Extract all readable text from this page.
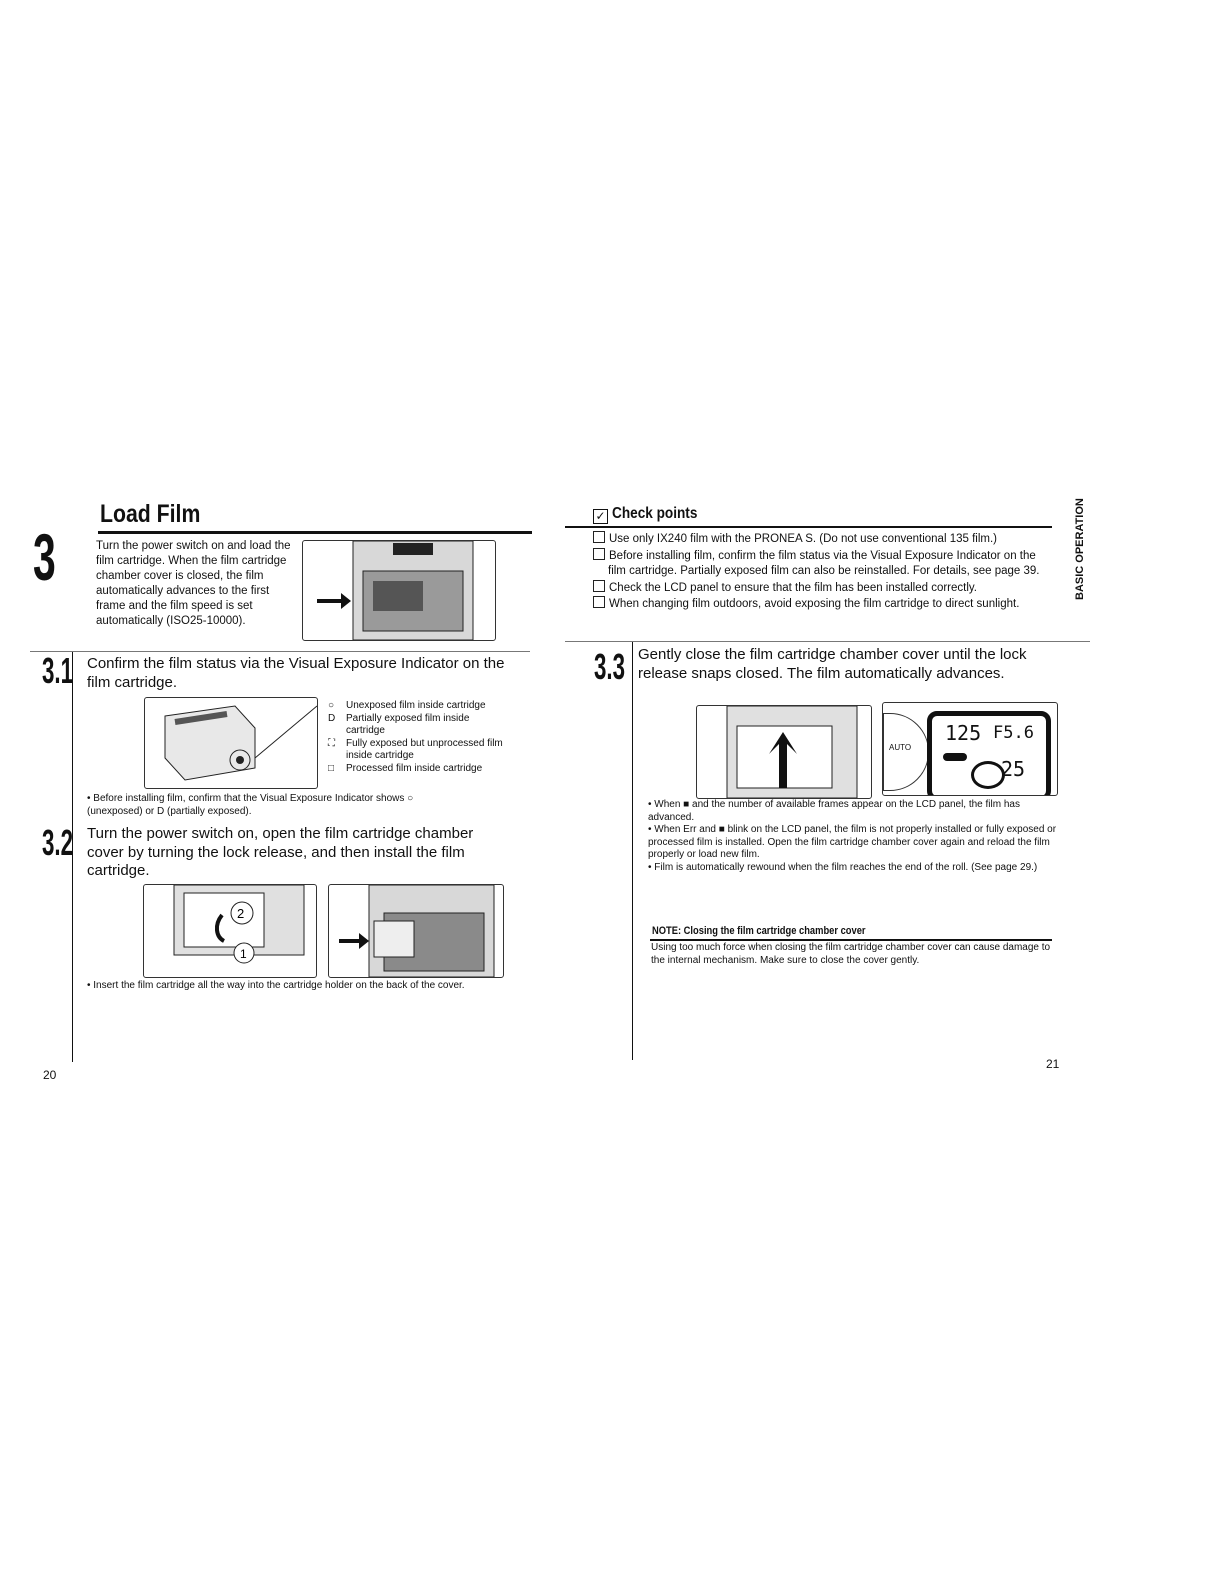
3
Load Film
Turn the power switch on and load the film cartridge. When the film cartridge chamber cover is closed, the film automatically advances to the first frame and the film speed is set automatically (ISO25-10000).
3.1 Confirm the film status via the Visual Exposure Indicator on the film cartridge.
○	Unexposed film inside cartridge
D	Partially exposed film inside cartridge
⛶	Fully exposed but unprocessed film inside cartridge
□	Processed film inside cartridge
• Before installing film, confirm that the Visual Exposure Indicator shows ○ (unexposed) or D (partially exposed).
3.2 Turn the power switch on, open the film cartridge chamber cover by turning the lock release, and then install the film cartridge.
2
1
• Insert the film cartridge all the way into the cartridge holder on the back of the cover.
20
✓ Check points
Use only IX240 film with the PRONEA S. (Do not use conventional 135 film.)
Before installing film, confirm the film status via the Visual Exposure Indicator on the film cartridge. Partially exposed film can also be reinstalled. For details, see page 39.
Check the LCD panel to ensure that the film has been installed correctly.
When changing film outdoors, avoid exposing the film cartridge to direct sunlight.
BASIC OPERATION
3.3 Gently close the film cartridge chamber cover until the lock release snaps closed. The film automatically advances.
AUTO
125 F5.6
25
• When ■ and the number of available frames appear on the LCD panel, the film has advanced.
• When Err and ■ blink on the LCD panel, the film is not properly installed or fully exposed or processed film is installed. Open the film cartridge chamber cover again and reload the film properly or load new film.
• Film is automatically rewound when the film reaches the end of the roll. (See page 29.)
NOTE: Closing the film cartridge chamber cover
Using too much force when closing the film cartridge chamber cover can cause damage to the internal mechanism. Make sure to close the cover gently.
21
